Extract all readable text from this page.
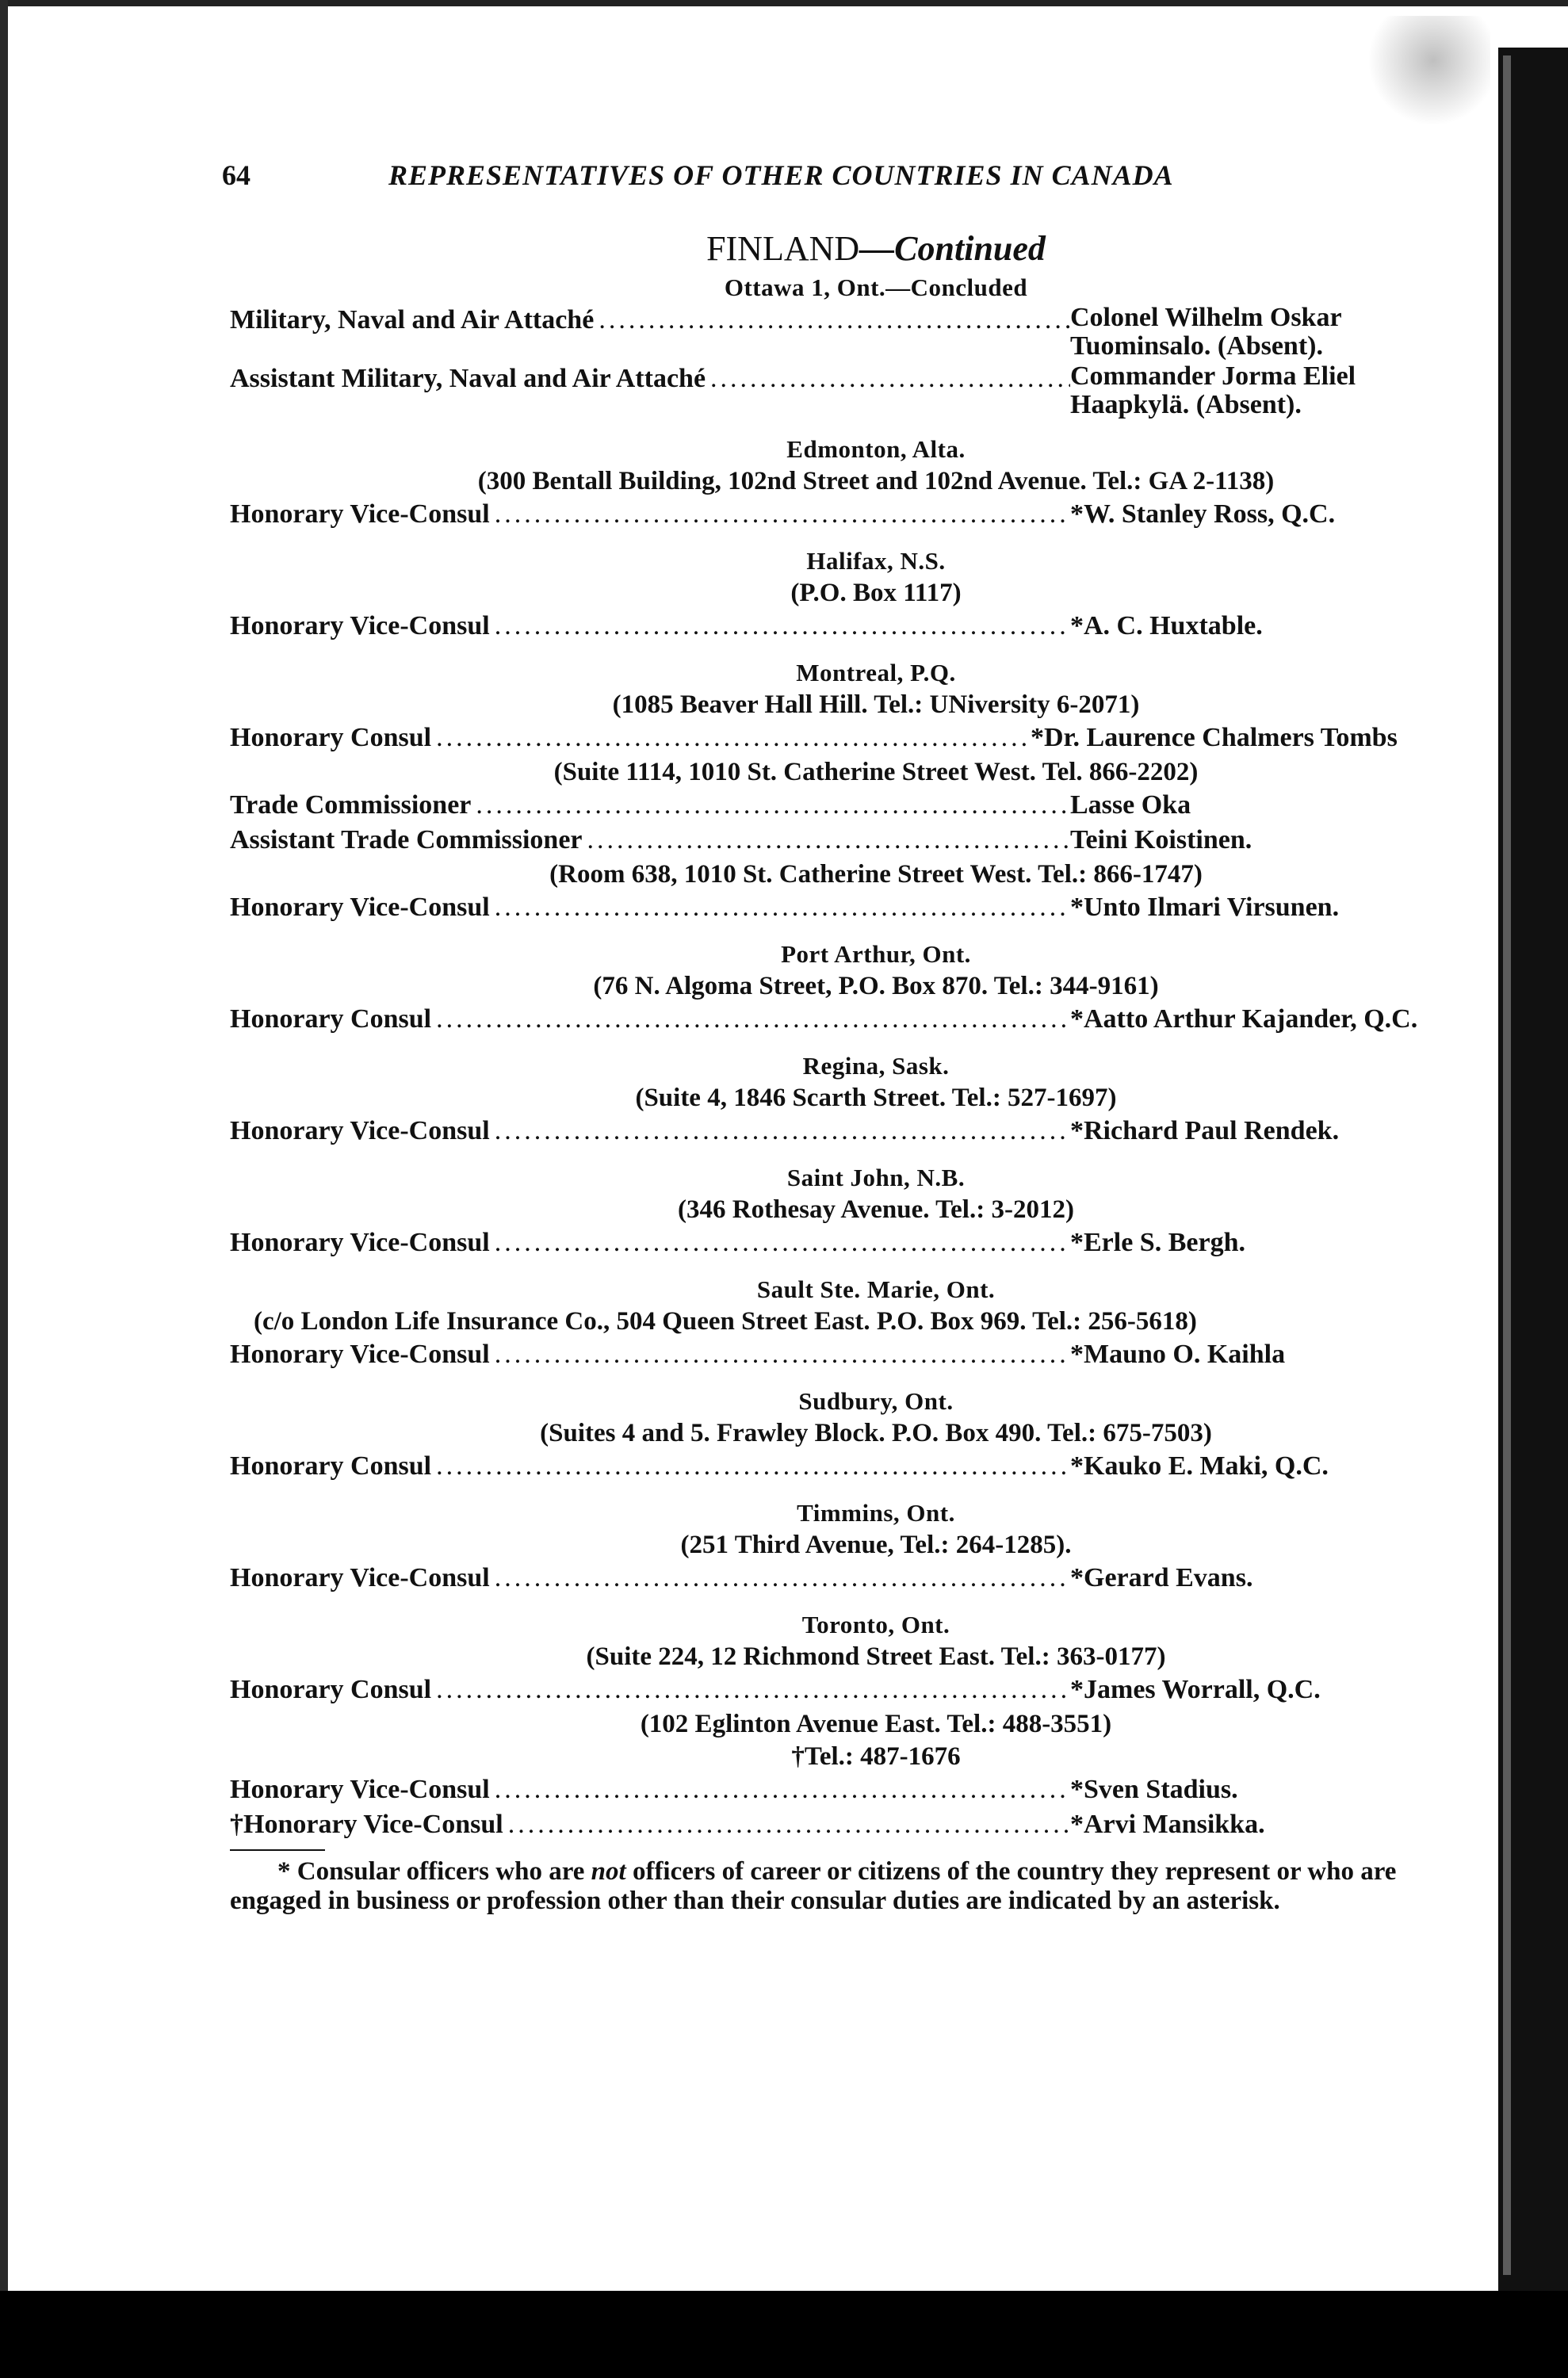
64	REPRESENTATIVES OF OTHER COUNTRIES IN CANADA
FINLAND—Continued
Ottawa 1, Ont.—Concluded
Military, Naval and Air Attaché .....	Colonel Wilhelm Oskar
Tuominsalo. (Absent).
Assistant Military, Naval and Air Attaché .....	Commander Jorma Eliel
Haapkylä. (Absent).
Edmonton, Alta.
(300 Bentall Building, 102nd Street and 102nd Avenue. Tel.: GA 2-1138)
Honorary Vice-Consul .....	*W. Stanley Ross, Q.C.
Halifax, N.S.
(P.O. Box 1117)
Honorary Vice-Consul .....	*A. C. Huxtable.
Montreal, P.Q.
(1085 Beaver Hall Hill. Tel.: UNiversity 6-2071)
Honorary Consul .....	*Dr. Laurence Chalmers Tombs
(Suite 1114, 1010 St. Catherine Street West. Tel. 866-2202)
Trade Commissioner .....	Lasse Oka
Assistant Trade Commissioner .....	Teini Koistinen.
(Room 638, 1010 St. Catherine Street West. Tel.: 866-1747)
Honorary Vice-Consul .....	*Unto Ilmari Virsunen.
Port Arthur, Ont.
(76 N. Algoma Street, P.O. Box 870. Tel.: 344-9161)
Honorary Consul .....	*Aatto Arthur Kajander, Q.C.
Regina, Sask.
(Suite 4, 1846 Scarth Street. Tel.: 527-1697)
Honorary Vice-Consul .....	*Richard Paul Rendek.
Saint John, N.B.
(346 Rothesay Avenue. Tel.: 3-2012)
Honorary Vice-Consul .....	*Erle S. Bergh.
Sault Ste. Marie, Ont.
(c/o London Life Insurance Co., 504 Queen Street East. P.O. Box 969. Tel.: 256-5618)
Honorary Vice-Consul .....	*Mauno O. Kaihla
Sudbury, Ont.
(Suites 4 and 5. Frawley Block. P.O. Box 490. Tel.: 675-7503)
Honorary Consul .....	*Kauko E. Maki, Q.C.
Timmins, Ont.
(251 Third Avenue, Tel.: 264-1285).
Honorary Vice-Consul .....	*Gerard Evans.
Toronto, Ont.
(Suite 224, 12 Richmond Street East. Tel.: 363-0177)
Honorary Consul .....	*James Worrall, Q.C.
(102 Eglinton Avenue East. Tel.: 488-3551)
†Tel.: 487-1676
Honorary Vice-Consul .....	*Sven Stadius.
†Honorary Vice-Consul .....	*Arvi Mansikka.
* Consular officers who are not officers of career or citizens of the country they represent or who are engaged in business or profession other than their consular duties are indicated by an asterisk.
